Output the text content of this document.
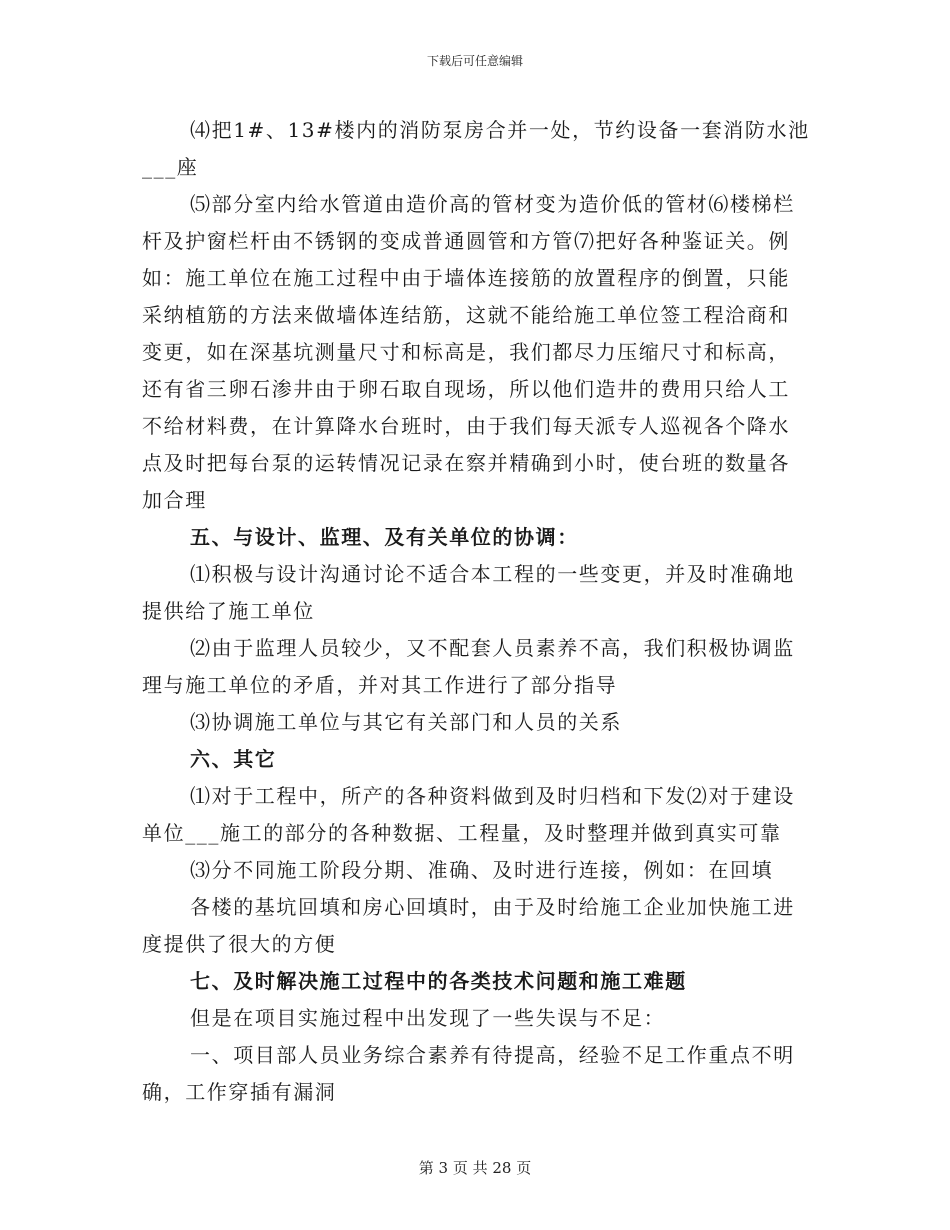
下载后可任意编辑

⑷把1#、13#楼内的消防泵房合并一处，节约设备一套消防水池___座

⑸部分室内给水管道由造价高的管材变为造价低的管材⑹楼梯栏杆及护窗栏杆由不锈钢的变成普通圆管和方管⑺把好各种鉴证关。例如：施工单位在施工过程中由于墙体连接筋的放置程序的倒置，只能采纳植筋的方法来做墙体连结筋，这就不能给施工单位签工程洽商和变更，如在深基坑测量尺寸和标高是，我们都尽力压缩尺寸和标高，还有省三卵石渗井由于卵石取自现场，所以他们造井的费用只给人工不给材料费，在计算降水台班时，由于我们每天派专人巡视各个降水点及时把每台泵的运转情况记录在察并精确到小时，使台班的数量各加合理

五、与设计、监理、及有关单位的协调：

⑴积极与设计沟通讨论不适合本工程的一些变更，并及时准确地提供给了施工单位

⑵由于监理人员较少，又不配套人员素养不高，我们积极协调监理与施工单位的矛盾，并对其工作进行了部分指导

⑶协调施工单位与其它有关部门和人员的关系

六、其它

⑴对于工程中，所产的各种资料做到及时归档和下发⑵对于建设单位___施工的部分的各种数据、工程量，及时整理并做到真实可靠

⑶分不同施工阶段分期、准确、及时进行连接，例如：在回填

各楼的基坑回填和房心回填时，由于及时给施工企业加快施工进度提供了很大的方便

七、及时解决施工过程中的各类技术问题和施工难题

但是在项目实施过程中出发现了一些失误与不足：

一、项目部人员业务综合素养有待提高，经验不足工作重点不明确，工作穿插有漏洞

第 3 页 共 28 页
